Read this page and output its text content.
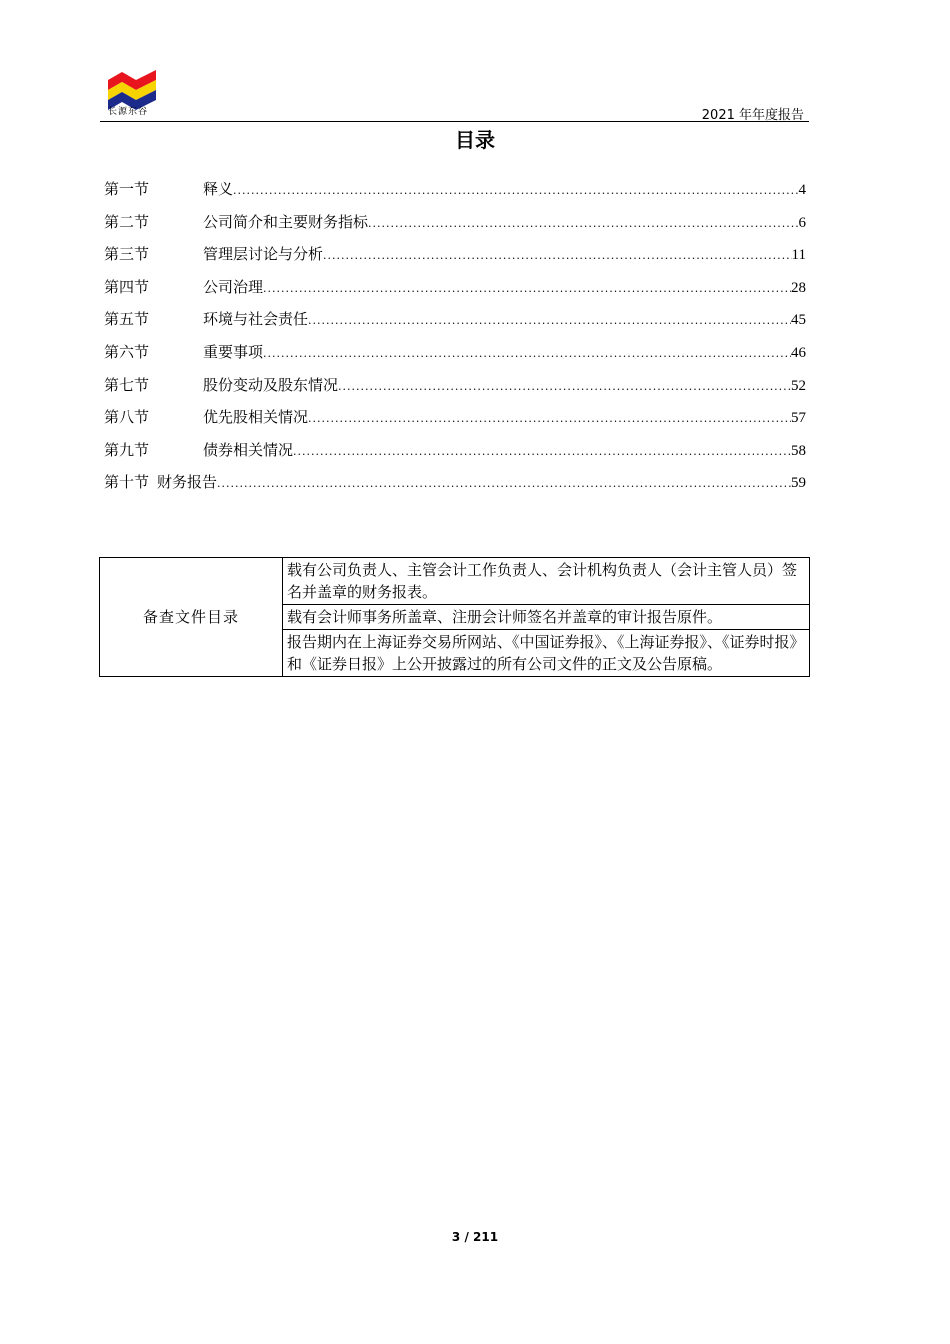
长源东谷	2021 年年度报告
目录
第一节	释义 .....	4
第二节	公司简介和主要财务指标 .....	6
第三节	管理层讨论与分析 .....	11
第四节	公司治理 .....	28
第五节	环境与社会责任 .....	45
第六节	重要事项 .....	46
第七节	股份变动及股东情况 .....	52
第八节	优先股相关情况 .....	57
第九节	债券相关情况 .....	58
第十节 财务报告 .....	59
备查文件目录	载有公司负责人、主管会计工作负责人、会计机构负责人（会计主管人员）签名并盖章的财务报表。
载有会计师事务所盖章、注册会计师签名并盖章的审计报告原件。
报告期内在上海证券交易所网站、《中国证券报》、《上海证券报》、《证券时报》和《证券日报》上公开披露过的所有公司文件的正文及公告原稿。
3 / 211
